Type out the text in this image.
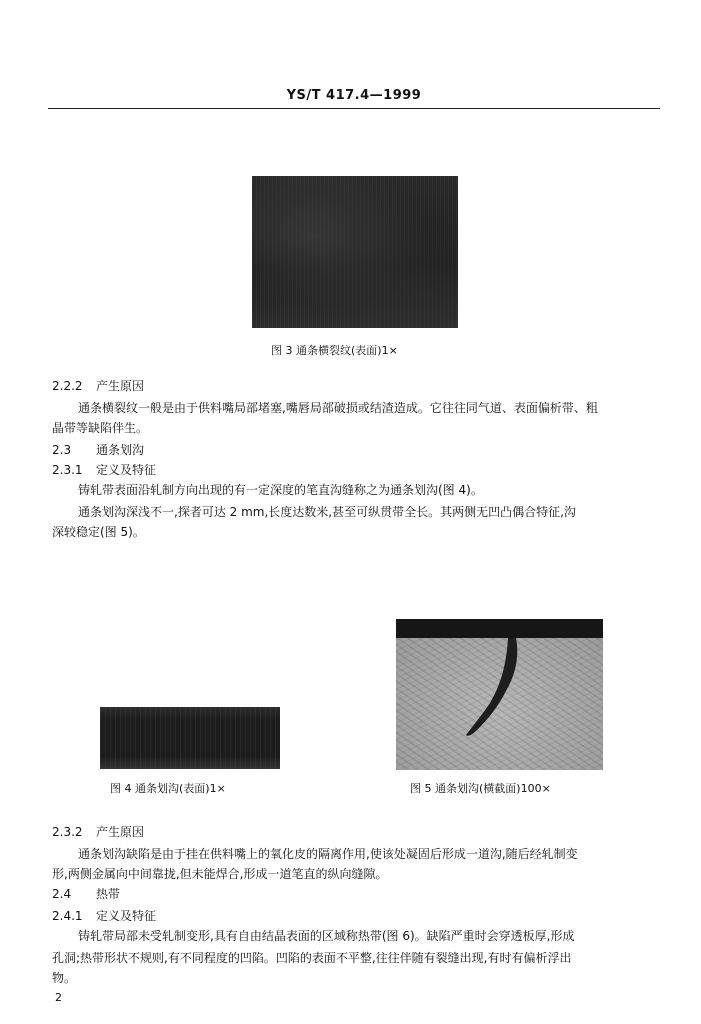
YS/T 417.4—1999
图 3 通条横裂纹(表面)1×
2.2.2 产生原因
通条横裂纹一般是由于供料嘴局部堵塞,嘴唇局部破损或结渣造成。它往往同气道、表面偏析带、粗
晶带等缺陷伴生。
2.3 通条划沟
2.3.1 定义及特征
铸轧带表面沿轧制方向出现的有一定深度的笔直沟缝称之为通条划沟(图 4)。
通条划沟深浅不一,探者可达 2 mm,长度达数米,甚至可纵贯带全长。其两侧无凹凸偶合特征,沟
深较稳定(图 5)。
图 4 通条划沟(表面)1×	图 5 通条划沟(横截面)100×
2.3.2 产生原因
通条划沟缺陷是由于挂在供料嘴上的氧化皮的隔离作用,使该处凝固后形成一道沟,随后经轧制变
形,两侧金属向中间靠拢,但未能焊合,形成一道笔直的纵向缝隙。
2.4 热带
2.4.1 定义及特征
铸轧带局部未受轧制变形,具有自由结晶表面的区域称热带(图 6)。缺陷严重时会穿透板厚,形成
孔洞;热带形状不规则,有不同程度的凹陷。凹陷的表面不平整,往往伴随有裂缝出现,有时有偏析浮出
物。
2
